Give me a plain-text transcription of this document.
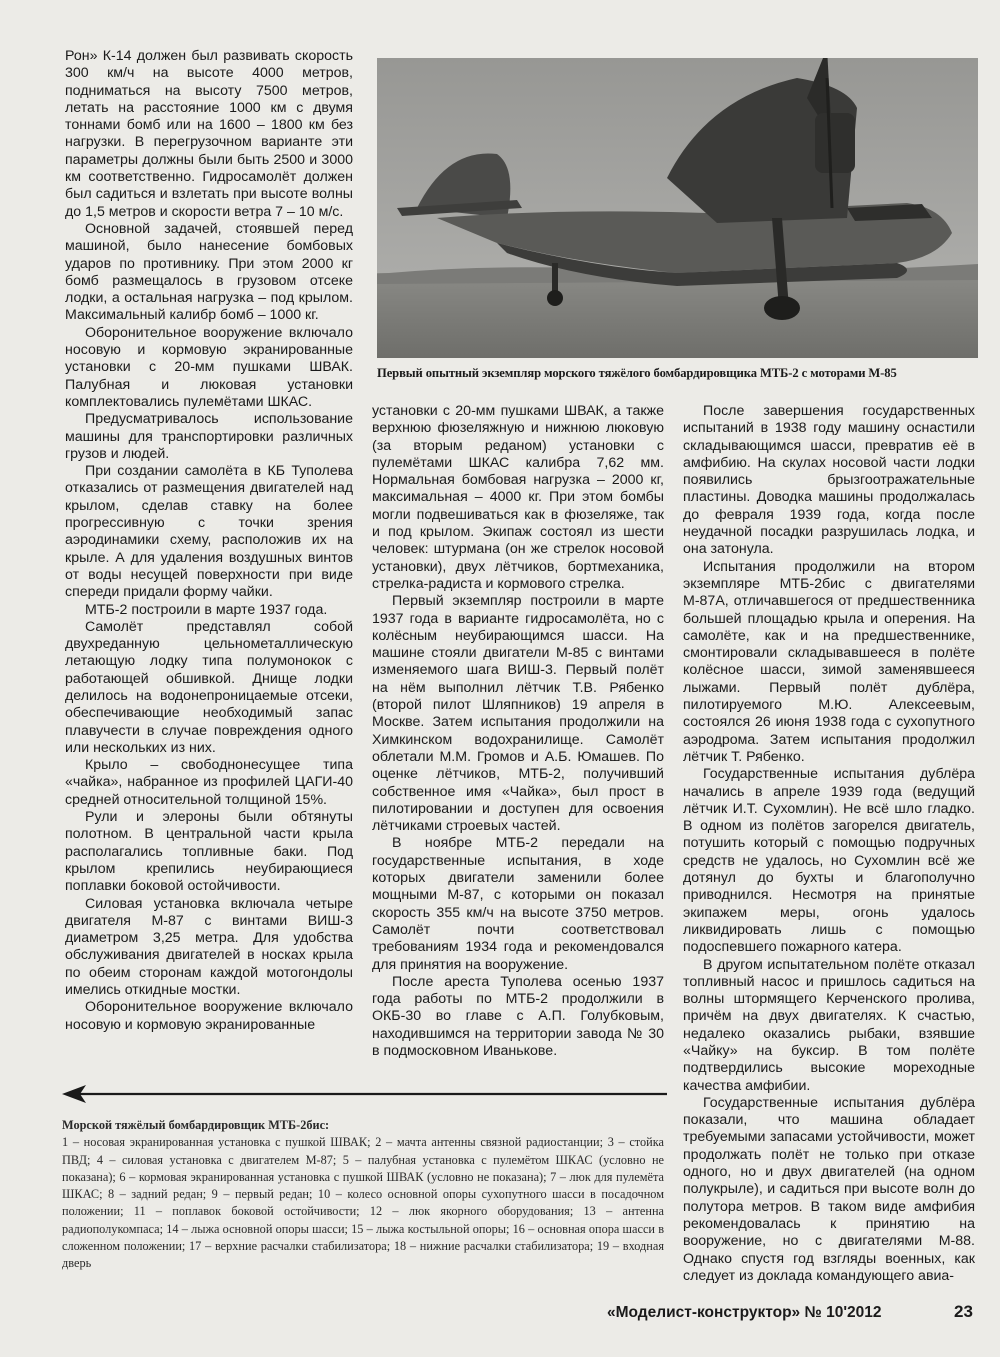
Рон» К-14 должен был развивать скорость 300 км/ч на высоте 4000 метров, подниматься на высоту 7500 метров, летать на расстояние 1000 км с двумя тоннами бомб или на 1600 – 1800 км без нагрузки. В перегрузочном варианте эти параметры должны были быть 2500 и 3000 км соответственно. Гидросамолёт должен был садиться и взлетать при высоте волны до 1,5 метров и скорости ветра 7 – 10 м/с.

Основной задачей, стоявшей перед машиной, было нанесение бомбовых ударов по противнику. При этом 2000 кг бомб размещалось в грузовом отсеке лодки, а остальная нагрузка – под крылом. Максимальный калибр бомб – 1000 кг.

Оборонительное вооружение включало носовую и кормовую экранированные установки с 20-мм пушками ШВАК. Палубная и люковая установки комплектовались пулемётами ШКАС.

Предусматривалось использование машины для транспортировки различных грузов и людей.

При создании самолёта в КБ Туполева отказались от размещения двигателей над крылом, сделав ставку на более прогрессивную с точки зрения аэродинамики схему, расположив их на крыле. А для удаления воздушных винтов от воды несущей поверхности при виде спереди придали форму чайки.

МТБ-2 построили в марте 1937 года.

Самолёт представлял собой двухреданную цельнометаллическую летающую лодку типа полумонокок с работающей обшивкой. Днище лодки делилось на водонепроницаемые отсеки, обеспечивающие необходимый запас плавучести в случае повреждения одного или нескольких из них.

Крыло – свободнонесущее типа «чайка», набранное из профилей ЦАГИ-40 средней относительной толщиной 15%.

Рули и элероны были обтянуты полотном. В центральной части крыла располагались топливные баки. Под крылом крепились неубирающиеся поплавки боковой остойчивости.

Силовая установка включала четыре двигателя М-87 с винтами ВИШ-3 диаметром 3,25 метра. Для удобства обслуживания двигателей в носках крыла по обеим сторонам каждой мотогондолы имелись откидные мостки.

Оборонительное вооружение включало носовую и кормовую экранированные

Первый опытный экземпляр морского тяжёлого бомбардировщика МТБ-2 с моторами М-85

установки с 20-мм пушками ШВАК, а также верхнюю фюзеляжную и нижнюю люковую (за вторым реданом) установки с пулемётами ШКАС калибра 7,62 мм. Нормальная бомбовая нагрузка – 2000 кг, максимальная – 4000 кг. При этом бомбы могли подвешиваться как в фюзеляже, так и под крылом. Экипаж состоял из шести человек: штурмана (он же стрелок носовой установки), двух лётчиков, бортмеханика, стрелка-радиста и кормового стрелка.

Первый экземпляр построили в марте 1937 года в варианте гидросамолёта, но с колёсным неубирающимся шасси. На машине стояли двигатели М-85 с винтами изменяемого шага ВИШ-3. Первый полёт на нём выполнил лётчик Т.В. Рябенко (второй пилот Шляпников) 19 апреля в Москве. Затем испытания продолжили на Химкинском водохранилище. Самолёт облетали М.М. Громов и А.Б. Юмашев. По оценке лётчиков, МТБ-2, получивший собственное имя «Чайка», был прост в пилотировании и доступен для освоения лётчиками строевых частей.

В ноябре МТБ-2 передали на государственные испытания, в ходе которых двигатели заменили более мощными М-87, с которыми он показал скорость 355 км/ч на высоте 3750 метров. Самолёт почти соответствовал требованиям 1934 года и рекомендовался для принятия на вооружение.

После ареста Туполева осенью 1937 года работы по МТБ-2 продолжили в ОКБ-30 во главе с А.П. Голубковым, находившимся на территории завода № 30 в подмосковном Иванькове.

После завершения государственных испытаний в 1938 году машину оснастили складывающимся шасси, превратив её в амфибию. На скулах носовой части лодки появились брызгоотражательные пластины. Доводка машины продолжалась до февраля 1939 года, когда после неудачной посадки разрушилась лодка, и она затонула.

Испытания продолжили на втором экземпляре МТБ-2бис с двигателями М-87А, отличавшегося от предшественника большей площадью крыла и оперения. На самолёте, как и на предшественнике, смонтировали складывавшееся в полёте колёсное шасси, зимой заменявшееся лыжами. Первый полёт дублёра, пилотируемого М.Ю. Алексеевым, состоялся 26 июня 1938 года с сухопутного аэродрома. Затем испытания продолжил лётчик Т. Рябенко.

Государственные испытания дублёра начались в апреле 1939 года (ведущий лётчик И.Т. Сухомлин). Не всё шло гладко. В одном из полётов загорелся двигатель, потушить который с помощью подручных средств не удалось, но Сухомлин всё же дотянул до бухты и благополучно приводнился. Несмотря на принятые экипажем меры, огонь удалось ликвидировать лишь с помощью подоспевшего пожарного катера.

В другом испытательном полёте отказал топливный насос и пришлось садиться на волны штормящего Керченского пролива, причём на двух двигателях. К счастью, недалеко оказались рыбаки, взявшие «Чайку» на буксир. В том полёте подтвердились высокие мореходные качества амфибии.

Государственные испытания дублёра показали, что машина обладает требуемыми запасами устойчивости, может продолжать полёт не только при отказе одного, но и двух двигателей (на одном полукрыле), и садиться при высоте волн до полутора метров. В таком виде амфибия рекомендовалась к принятию на вооружение, но с двигателями М-88. Однако спустя год взгляды военных, как следует из доклада командующего авиа-

Морской тяжёлый бомбардировщик МТБ-2бис:
1 – носовая экранированная установка с пушкой ШВАК; 2 – мачта антенны связной радиостанции; 3 – стойка ПВД; 4 – силовая установка с двигателем М-87; 5 – палубная установка с пулемётом ШКАС (условно не показана); 6 – кормовая экранированная установка с пушкой ШВАК (условно не показана); 7 – люк для пулемёта ШКАС; 8 – задний редан; 9 – первый редан; 10 – колесо основной опоры сухопутного шасси в посадочном положении; 11 – поплавок боковой остойчивости; 12 – люк якорного оборудования; 13 – антенна радиополукомпаса; 14 – лыжа основной опоры шасси; 15 – лыжа костыльной опоры; 16 – основная опора шасси в сложенном положении; 17 – верхние расчалки стабилизатора; 18 – нижние расчалки стабилизатора; 19 – входная дверь
«Моделист-конструктор» № 10'2012	23
